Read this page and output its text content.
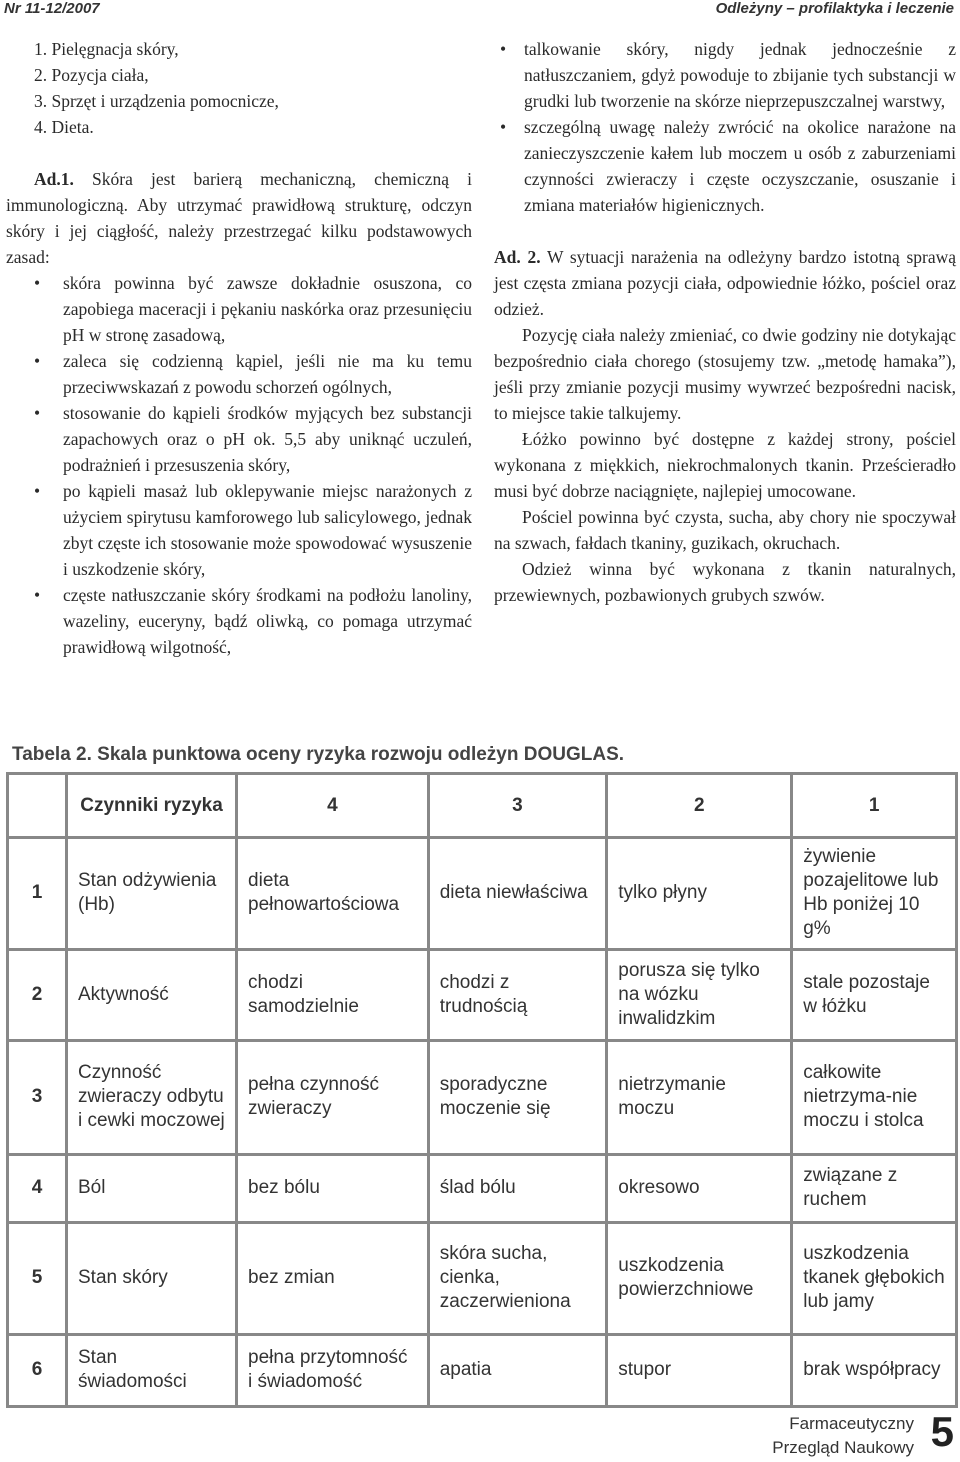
Nr 11-12/2007	Odleżyny – profilaktyka i leczenie
1. Pielęgnacja skóry,
2. Pozycja ciała,
3. Sprzęt i urządzenia pomocnicze,
4. Dieta.

Ad.1. Skóra jest barierą mechaniczną, chemiczną i immunologiczną. Aby utrzymać prawidłową strukturę, odczyn skóry i jej ciągłość, należy przestrzegać kilku podstawowych zasad:

• skóra powinna być zawsze dokładnie osuszona, co zapobiega maceracji i pękaniu naskórka oraz przesunięciu pH w stronę zasadową,
• zaleca się codzienną kąpiel, jeśli nie ma ku temu przeciwwskazań z powodu schorzeń ogólnych,
• stosowanie do kąpieli środków myjących bez substancji zapachowych oraz o pH ok. 5,5 aby uniknąć uczuleń, podrażnień i przesuszenia skóry,
• po kąpieli masaż lub oklepywanie miejsc narażonych z użyciem spirytusu kamforowego lub salicylowego, jednak zbyt częste ich stosowanie może spowodować wysuszenie i uszkodzenie skóry,
• częste natłuszczanie skóry środkami na podłożu lanoliny, wazeliny, euceryny, bądź oliwką, co pomaga utrzymać prawidłową wilgotność,
• talkowanie skóry, nigdy jednak jednocześnie z natłuszczaniem, gdyż powoduje to zbijanie tych substancji w grudki lub tworzenie na skórze nieprzepuszczalnej warstwy,
• szczególną uwagę należy zwrócić na okolice narażone na zanieczyszczenie kałem lub moczem u osób z zaburzeniami czynności zwieraczy i częste oczyszczanie, osuszanie i zmiana materiałów higienicznych.

Ad. 2. W sytuacji narażenia na odleżyny bardzo istotną sprawą jest częsta zmiana pozycji ciała, odpowiednie łóżko, pościel oraz odzież.

Pozycję ciała należy zmieniać, co dwie godziny nie dotykając bezpośrednio ciała chorego (stosujemy tzw. „metodę hamaka”), jeśli przy zmianie pozycji musimy wywrzeć bezpośredni nacisk, to miejsce takie talkujemy.

Łóżko powinno być dostępne z każdej strony, pościel wykonana z miękkich, niekrochmalonych tkanin. Prześcieradło musi być dobrze naciągnięte, najlepiej umocowane.

Pościel powinna być czysta, sucha, aby chory nie spoczywał na szwach, fałdach tkaniny, guzikach, okruchach.

Odzież winna być wykonana z tkanin naturalnych, przewiewnych, pozbawionych grubych szwów.

Tabela 2. Skala punktowa oceny ryzyka rozwoju odleżyn DOUGLAS.
	Czynniki ryzyka	4	3	2	1
1	Stan odżywienia (Hb)	dieta pełnowartościowa	dieta niewłaściwa	tylko płyny	żywienie pozajelitowe lub Hb poniżej 10 g%
2	Aktywność	chodzi samodzielnie	chodzi z trudnością	porusza się tylko na wózku inwalidzkim	stale pozostaje w łóżku
3	Czynność zwieraczy odbytu i cewki moczowej	pełna czynność zwieraczy	sporadyczne moczenie się	nietrzymanie moczu	całkowite nietrzyma-nie moczu i stolca
4	Ból	bez bólu	ślad bólu	okresowo	związane z ruchem
5	Stan skóry	bez zmian	skóra sucha, cienka, zaczerwieniona	uszkodzenia powierzchniowe	uszkodzenia tkanek głębokich lub jamy
6	Stan świadomości	pełna przytomność i świadomość	apatia	stupor	brak współpracy
Farmaceutyczny
Przegląd Naukowy 5
